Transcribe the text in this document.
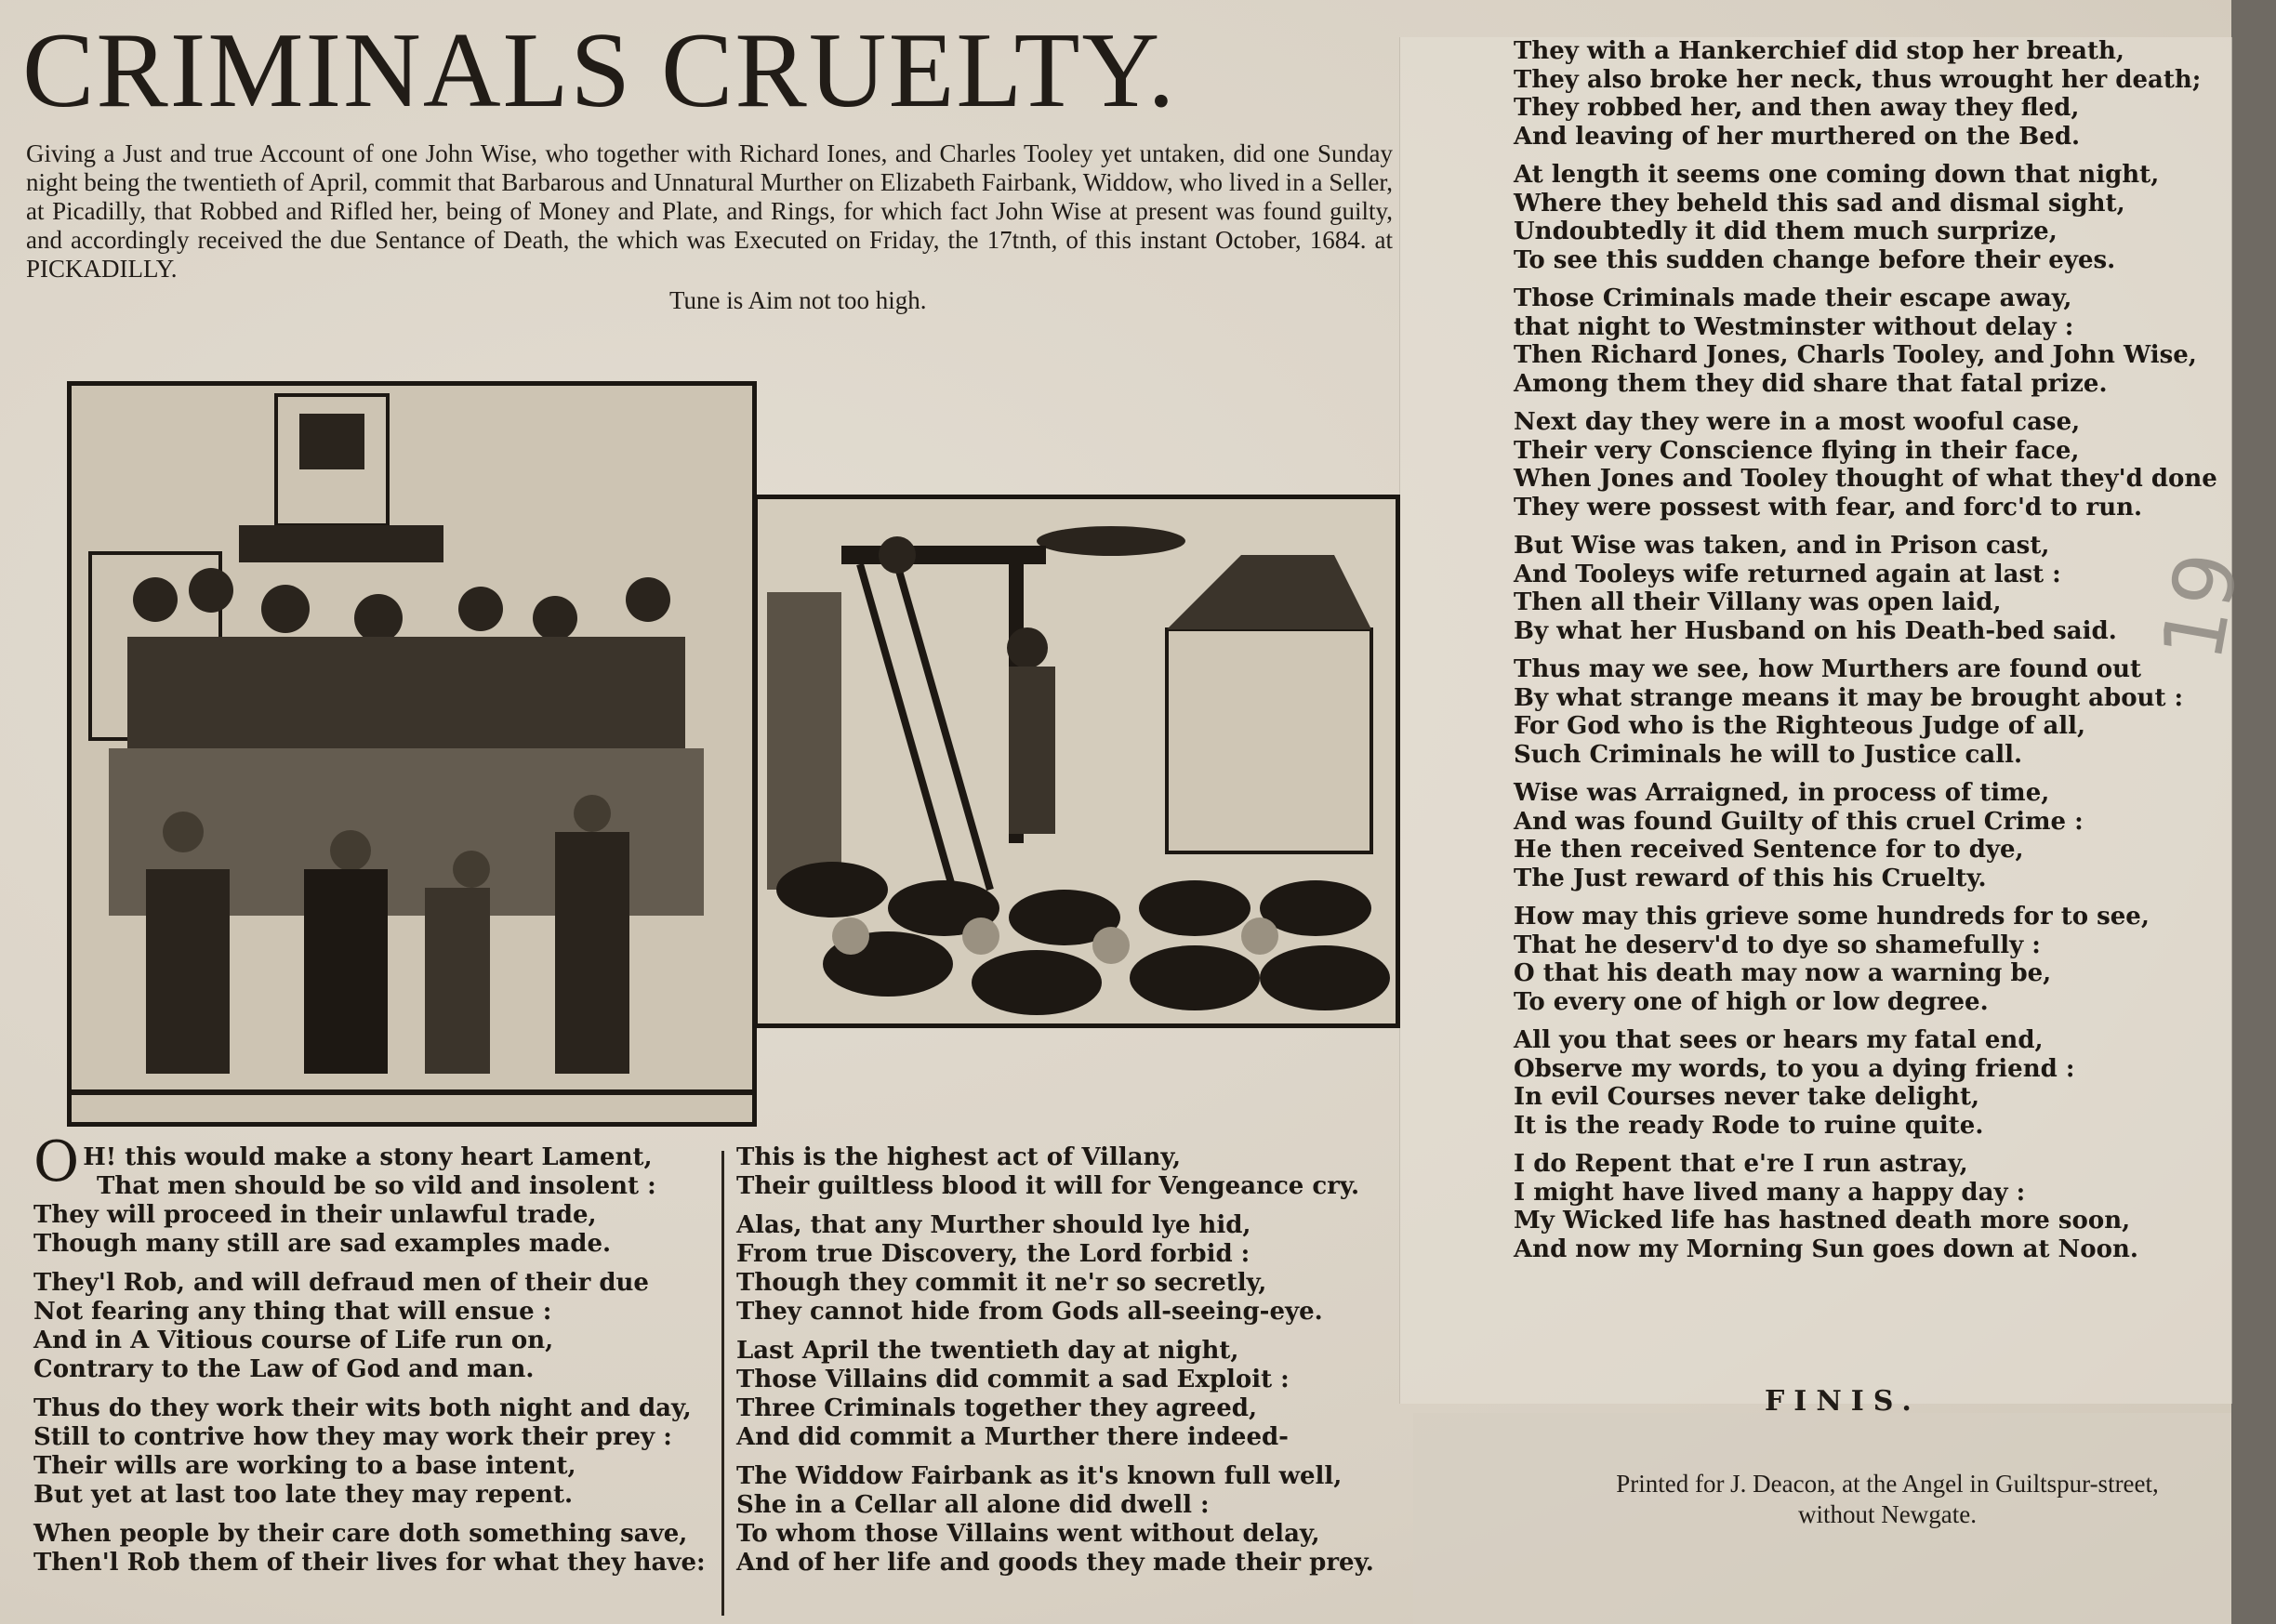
CRIMINALS CRUELTY.
Giving a Just and true Account of one John Wise, who together with Richard Iones, and Charles Tooley yet untaken, did one Sunday night being the twentieth of April, commit that Barbarous and Unnatural Murther on Elizabeth Fairbank, Widdow, who lived in a Seller, at Picadilly, that Robbed and Rifled her, being of Money and Plate, and Rings, for which fact John Wise at present was found guilty, and accordingly received the due Sentance of Death, the which was Executed on Friday, the 17tnth, of this instant October, 1684. at PICKADILLY.
Tune is Aim not too high.
O H! this would make a stony heart Lament,
That men should be so vild and insolent :
They will proceed in their unlawful trade,
Though many still are sad examples made.
They'l Rob, and will defraud men of their due
Not fearing any thing that will ensue :
And in A Vitious course of Life run on,
Contrary to the Law of God and man.
Thus do they work their wits both night and day,
Still to contrive how they may work their prey :
Their wills are working to a base intent,
But yet at last too late they may repent.
When people by their care doth something save,
Then'l Rob them of their lives for what they have:
This is the highest act of Villany,
Their guiltless blood it will for Vengeance cry.
Alas, that any Murther should lye hid,
From true Discovery, the Lord forbid :
Though they commit it ne'r so secretly,
They cannot hide from Gods all-seeing-eye.
Last April the twentieth day at night,
Those Villains did commit a sad Exploit :
Three Criminals together they agreed,
And did commit a Murther there indeed-
The Widdow Fairbank as it's known full well,
She in a Cellar all alone did dwell :
To whom those Villains went without delay,
And of her life and goods they made their prey.
They with a Hankerchief did stop her breath,
They also broke her neck, thus wrought her death;
They robbed her, and then away they fled,
And leaving of her murthered on the Bed.
At length it seems one coming down that night,
Where they beheld this sad and dismal sight,
Undoubtedly it did them much surprize,
To see this sudden change before their eyes.
Those Criminals made their escape away,
that night to Westminster without delay :
Then Richard Jones, Charls Tooley, and John Wise,
Among them they did share that fatal prize.
Next day they were in a most wooful case,
Their very Conscience flying in their face,
When Jones and Tooley thought of what they'd done
They were possest with fear, and forc'd to run.
But Wise was taken, and in Prison cast,
And Tooleys wife returned again at last :
Then all their Villany was open laid,
By what her Husband on his Death-bed said.
Thus may we see, how Murthers are found out
By what strange means it may be brought about :
For God who is the Righteous Judge of all,
Such Criminals he will to Justice call.
Wise was Arraigned, in process of time,
And was found Guilty of this cruel Crime :
He then received Sentence for to dye,
The Just reward of this his Cruelty.
How may this grieve some hundreds for to see,
That he deserv'd to dye so shamefully :
O that his death may now a warning be,
To every one of high or low degree.
All you that sees or hears my fatal end,
Observe my words, to you a dying friend :
In evil Courses never take delight,
It is the ready Rode to ruine quite.
I do Repent that e're I run astray,
I might have lived many a happy day :
My Wicked life has hastned death more soon,
And now my Morning Sun goes down at Noon.
FINIS.
Printed for J. Deacon, at the Angel in Guiltspur-street,
without Newgate.
19
